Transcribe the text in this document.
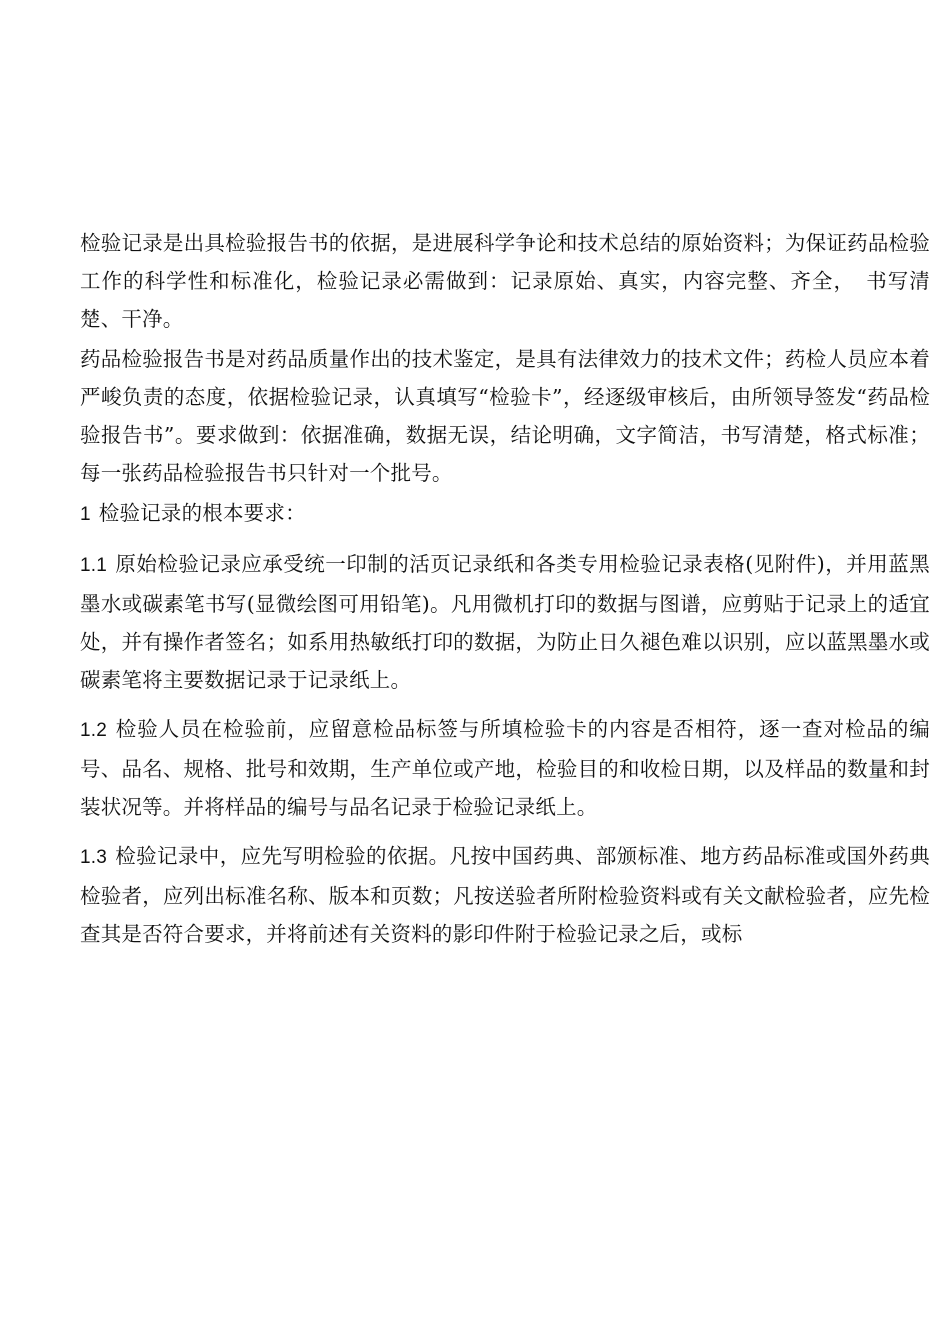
检验记录是出具检验报告书的依据，是进展科学争论和技术总结的原始资料；为保证药品检验工作的科学性和标准化，检验记录必需做到：记录原始、真实，内容完整、齐全，　书写清楚、干净。

药品检验报告书是对药品质量作出的技术鉴定，是具有法律效力的技术文件；药检人员应本着严峻负责的态度，依据检验记录，认真填写“检验卡”，经逐级审核后，由所领导签发“药品检验报告书”。要求做到：依据准确，数据无误，结论明确，文字简洁，书写清楚，格式标准；每一张药品检验报告书只针对一个批号。

1 检验记录的根本要求：

1.1 原始检验记录应承受统一印制的活页记录纸和各类专用检验记录表格(见附件)，并用蓝黑墨水或碳素笔书写(显微绘图可用铅笔)。凡用微机打印的数据与图谱，应剪贴于记录上的适宜处，并有操作者签名；如系用热敏纸打印的数据，为防止日久褪色难以识别，应以蓝黑墨水或碳素笔将主要数据记录于记录纸上。

1.2 检验人员在检验前，应留意检品标签与所填检验卡的内容是否相符，逐一查对检品的编号、品名、规格、批号和效期，生产单位或产地，检验目的和收检日期，以及样品的数量和封装状况等。并将样品的编号与品名记录于检验记录纸上。

1.3 检验记录中，应先写明检验的依据。凡按中国药典、部颁标准、地方药品标准或国外药典检验者，应列出标准名称、版本和页数；凡按送验者所附检验资料或有关文献检验者，应先检查其是否符合要求，并将前述有关资料的影印件附于检验记录之后，或标
